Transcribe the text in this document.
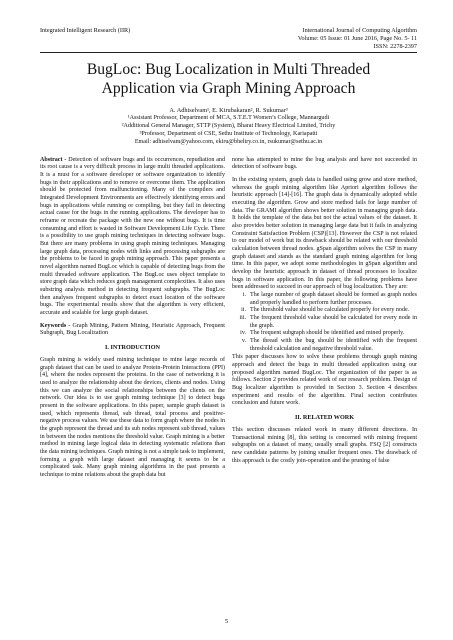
Integrated Intelligent Research (IIR)	International Journal of Computing Algorithm
Volume: 05 Issue: 01 June 2016, Page No. 5- 11
ISSN: 2278-2397
BugLoc: Bug Localization in Multi Threaded
Application via Graph Mining Approach
A. Adhiselvam¹, E. Kirubakaran², R. Sukumar³
¹Assistant Professor, Department of MCA, S.T.E.T Women’s College, Mannargudi
²Additional General Manager, STTP (System), Bharat Heavy Electrical Limited, Trichy
³Professor, Department of CSE, Sethu Institute of Technology, Kariapatti
Email: adhiselvam@yahoo.com, ekiru@bheltry.co.in, rsukumar@sethu.ac.in

Abstract - Detection of software bugs and its occurrences, repudiation and its root cause is a very difficult process in large multi threaded applications. It is a must for a software developer or software organization to identify bugs in their applications and to remove or overcome them. The application should be protected from malfunctioning. Many of the compilers and Integrated Development Environments are effectively identifying errors and bugs in applications while running or compiling, but they fail in detecting actual cause for the bugs in the running applications. The developer has to reframe or recreate the package with the new one without bugs. It is time consuming and effort is wasted in Software Development Life Cycle. There is a possibility to use graph mining techniques in detecting software bugs. But there are many problems in using graph mining techniques. Managing large graph data, processing nodes with links and processing subgraphs are the problems to be faced in graph mining approach. This paper presents a novel algorithm named BugLoc which is capable of detecting bugs from the multi threaded software application. The BugLoc uses object template to store graph data which reduces graph management complexities. It also uses substring analysis method in detecting frequent subgraphs. The BugLoc then analyses frequent subgraphs to detect exact location of the software bugs. The experimental results show that the algorithm is very efficient, accurate and scalable for large graph dataset.

Keywords - Graph Mining, Pattern Mining, Heuristic Approach, Frequent Subgraph, Bug Localization

I. INTRODUCTION

Graph mining is widely used mining technique to mine large records of graph dataset that can be used to analyze Protein-Protein Interactions (PPI) [4], where the nodes represent the proteins. In the case of networking it is used to analyze the relationship about the devices, clients and nodes. Using this we can analyze the social relationships between the clients on the network. Our idea is to use graph mining technique [3] to detect bugs present in the software applications. In this paper, sample graph dataset is used, which represents thread, sub thread, total process and positive-negative process values. We use these data to form graph where the nodes in the graph represent the thread and its sub nodes represent sub thread, values in between the nodes mentions the threshold value. Graph mining is a better method in mining large logical data in detecting systematic relations than the data mining techniques. Graph mining is not a simple task to implement, forming a graph with large dataset and managing it seems to be a complicated task. Many graph mining algorithms in the past presents a technique to mine relations about the graph data but

none has attempted to mine the bug analysis and have not succeeded in detection of software bugs.

In the existing system, graph data is handled using grow and store method, whereas the graph mining algorithm like Apriori algorithm follows the heuristic approach [14]-[16]. The graph data is dynamically adopted while executing the algorithm. Grow and store method fails for large number of data. The GRAMI algorithm shows better solution in managing graph data. It holds the template of the data but not the actual values of the dataset. It also provides better solution in managing large data but it fails in analyzing Constraint Satisfaction Problem (CSP)[13]. However the CSP is not related to our model of work but its drawback should be related with our threshold calculation between thread nodes. gSpan algorithm solves the CSP in many graph dataset and stands as the standard graph mining algorithm for long time. In this paper, we adopt some methodologies in gSpan algorithm and develop the heuristic approach in dataset of thread processes to localize bugs in software application. In this paper, the following problems have been addressed to succeed in our approach of bug localization. They are:

i. The large number of graph dataset should be formed as graph nodes and properly handled to perform further processes.
ii. The threshold value should be calculated properly for every node.
iii. The frequent threshold value should be calculated for every node in the graph.
iv. The frequent subgraph should be identified and mined properly.
v. The thread with the bug should be identified with the frequent threshold calculation and negative threshold value.

This paper discusses how to solve these problems through graph mining approach and detect the bugs in multi threaded application using our proposed algorithm named BugLoc. The organization of the paper is as follows. Section 2 provides related work of our research problem. Design of Bug localizer algorithm is provided in Section 3. Section 4 describes experiment and results of the algorithm. Final section contributes conclusion and future work.

II. RELATED WORK

This section discusses related work in many different directions. In Transactional mining [8], this setting is concerned with mining frequent subgraphs on a dataset of many, usually small graphs. FSQ [2] constructs new candidate patterns by joining smaller frequent ones. The drawback of this approach is the costly join-operation and the pruning of false

5
